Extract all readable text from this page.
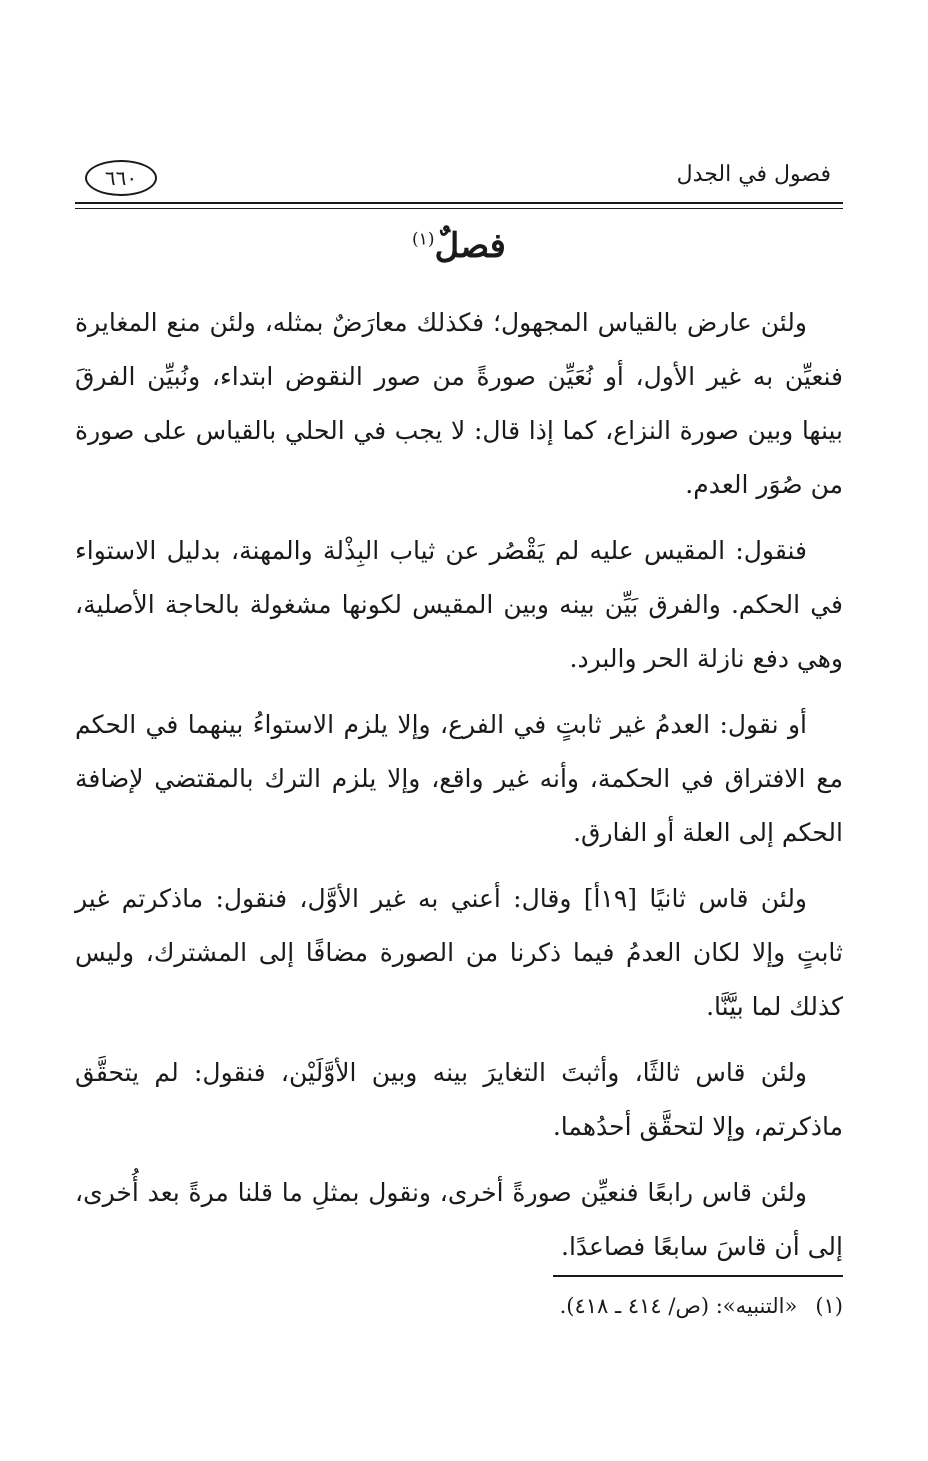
٦٦٠	فصول في الجدل
فصلٌ$^{(١)}$

ولئن عارض بالقياس المجهول؛ فكذلك معارَضٌ بمثله، ولئن منع المغايرة فنعيِّن به غير الأول، أو نُعَيِّن صورةً من صور النقوض ابتداء، ونُبيِّن الفرقَ بينها وبين صورة النزاع، كما إذا قال: لا يجب في الحلي بالقياس على صورة من صُوَر العدم.

فنقول: المقيس عليه لم يَقْصُر عن ثياب البِذْلة والمهنة، بدليل الاستواء في الحكم. والفرق بَيِّن بينه وبين المقيس لكونها مشغولة بالحاجة الأصلية، وهي دفع نازلة الحر والبرد.

أو نقول: العدمُ غير ثابتٍ في الفرع، وإلا يلزم الاستواءُ بينهما في الحكم مع الافتراق في الحكمة، وأنه غير واقع، وإلا يلزم الترك بالمقتضي لإضافة الحكم إلى العلة أو الفارق.

ولئن قاس ثانيًا [١٩أ] وقال: أعني به غير الأوَّل، فنقول: ماذكرتم غير ثابتٍ وإلا لكان العدمُ فيما ذكرنا من الصورة مضافًا إلى المشترك، وليس كذلك لما بيَّنَّا.

ولئن قاس ثالثًا، وأثبتَ التغايرَ بينه وبين الأوَّلَيْن، فنقول: لم يتحقَّق ماذكرتم، وإلا لتحقَّق أحدُهما.

ولئن قاس رابعًا فنعيِّن صورةً أخرى، ونقول بمثلِ ما قلنا مرةً بعد أُخرى، إلى أن قاسَ سابعًا فصاعدًا.

(١)«التنبيه»: (ص/ ٤١٤ ـ ٤١٨).
